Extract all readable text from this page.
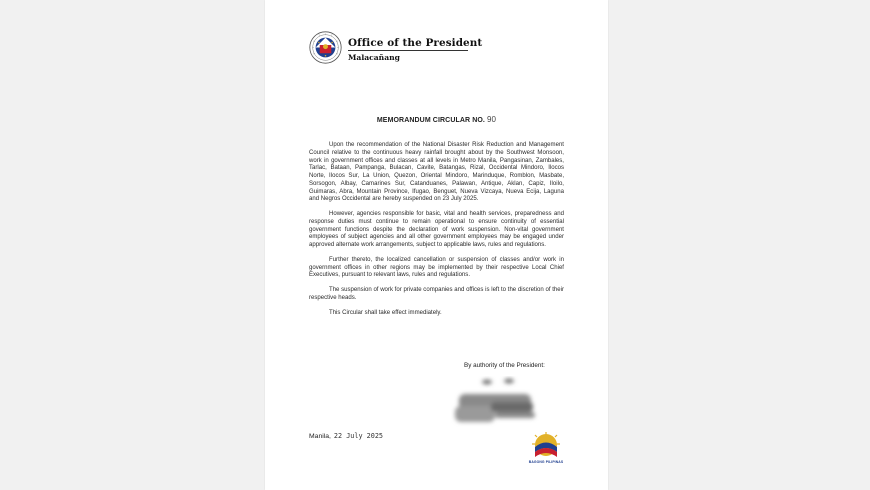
Office of the President
Malacañang
MEMORANDUM CIRCULAR NO. 90

Upon the recommendation of the National Disaster Risk Reduction and Management Council relative to the continuous heavy rainfall brought about by the Southwest Monsoon, work in government offices and classes at all levels in Metro Manila, Pangasinan, Zambales, Tarlac, Bataan, Pampanga, Bulacan, Cavite, Batangas, Rizal, Occidental Mindoro, Ilocos Norte, Ilocos Sur, La Union, Quezon, Oriental Mindoro, Marinduque, Romblon, Masbate, Sorsogon, Albay, Camarines Sur, Catanduanes, Palawan, Antique, Aklan, Capiz, Iloilo, Guimaras, Abra, Mountain Province, Ifugao, Benguet, Nueva Vizcaya, Nueva Ecija, Laguna and Negros Occidental are hereby suspended on 23 July 2025.

However, agencies responsible for basic, vital and health services, preparedness and response duties must continue to remain operational to ensure continuity of essential government functions despite the declaration of work suspension. Non-vital government employees of subject agencies and all other government employees may be engaged under approved alternate work arrangements, subject to applicable laws, rules and regulations.

Further thereto, the localized cancellation or suspension of classes and/or work in government offices in other regions may be implemented by their respective Local Chief Executives, pursuant to relevant laws, rules and regulations.

The suspension of work for private companies and offices is left to the discretion of their respective heads.

This Circular shall take effect immediately.

By authority of the President:
Manila, 22 July 2025
BAGONG PILIPINAS
